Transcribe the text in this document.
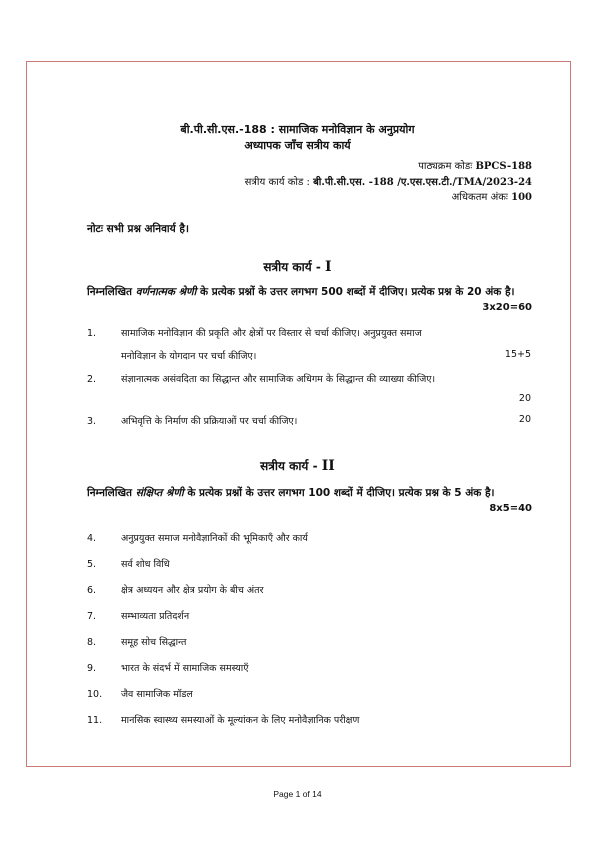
बी.पी.सी.एस.-188 : सामाजिक मनोविज्ञान के अनुप्रयोग
अध्यापक जाँच सत्रीय कार्य
पाठ्यक्रम कोडः BPCS-188
सत्रीय कार्य कोड : बी.पी.सी.एस. -188 /ए.एस.एस.टी./TMA/2023-24
अधिकतम अंकः 100
नोटः सभी प्रश्न अनिवार्य है।
सत्रीय कार्य - I
निम्नलिखित वर्णनात्मक श्रेणी के प्रत्येक प्रश्नों के उत्तर लगभग 500 शब्दों में दीजिए। प्रत्येक प्रश्न के 20 अंक है।
3x20=60
1.	सामाजिक मनोविज्ञान की प्रकृति और क्षेत्रों पर विस्तार से चर्चा कीजिए। अनुप्रयुक्त समाज
मनोविज्ञान के योगदान पर चर्चा कीजिए।	15+5
2.	संज्ञानात्मक असंवदिता का सिद्धान्त और सामाजिक अधिगम के सिद्धान्त की व्याख्या कीजिए।
20
3.	अभिवृत्ति के निर्माण की प्रक्रियाओं पर चर्चा कीजिए।	20
सत्रीय कार्य - II
निम्नलिखित संक्षिप्त श्रेणी के प्रत्येक प्रश्नों के उत्तर लगभग 100 शब्दों में दीजिए। प्रत्येक प्रश्न के 5 अंक है।
8x5=40
4.	अनुप्रयुक्त समाज मनोवैज्ञानिकों की भूमिकाएँ और कार्य
5.	सर्व शोध विधि
6.	क्षेत्र अध्ययन और क्षेत्र प्रयोग के बीच अंतर
7.	सम्भाव्यता प्रतिदर्शन
8.	समूह सोच सिद्धान्त
9.	भारत के संदर्भ में सामाजिक समस्याएँ
10. जैव सामाजिक मॉडल
11. मानसिक स्वास्थ्य समस्याओं के मूल्यांकन के लिए मनोवैज्ञानिक परीक्षण
Page 1 of 14
